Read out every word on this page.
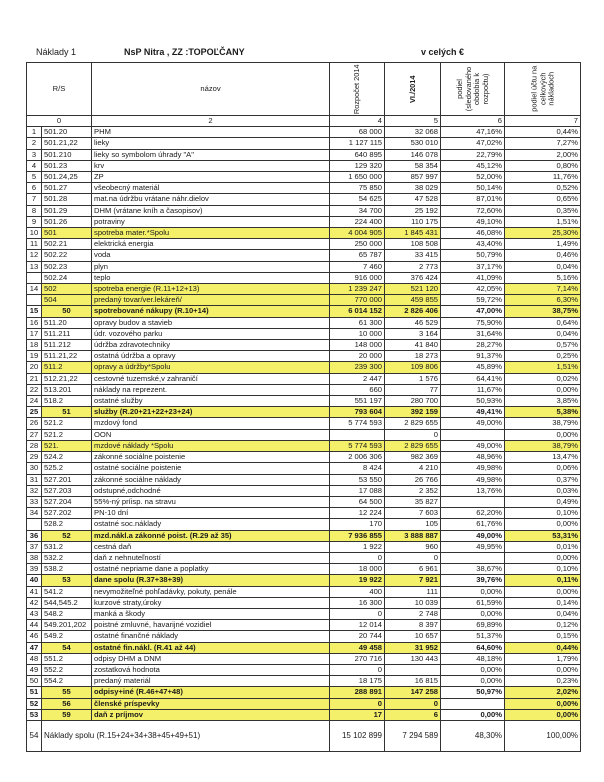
Náklady 1	NsP Nitra , ZZ :TOPOĽČANY	v celých €
R/S		názov	Rozpočet 2014	VI./2014	podiel (sledovaného obdobia k rozpočtu)	podiel účtu na celkových nákladoch

0		2	4	5	6	7
1	501.20	PHM	68 000	32 068	47,16%	0,44%
2	501.21,22	lieky	1 127 115	530 010	47,02%	7,27%
3	501.210	lieky so symbolom úhrady "A"	640 895	146 078	22,79%	2,00%
4	501.23	krv	129 320	58 354	45,12%	0,80%
5	501.24,25	ZP	1 650 000	857 997	52,00%	11,76%
6	501.27	všeobecný materiál	75 850	38 029	50,14%	0,52%
7	501.28	mat.na údržbu vrátane náhr.dielov	54 625	47 528	87,01%	0,65%
8	501.29	DHM (vrátane kníh a časopisov)	34 700	25 192	72,60%	0,35%
9	501.26	potraviny	224 400	110 175	49,10%	1,51%
10	501	spotreba mater.*Spolu	4 004 905	1 845 431	46,08%	25,30%
11	502.21	elektrická energia	250 000	108 508	43,40%	1,49%
12	502.22	voda	65 787	33 415	50,79%	0,46%
13	502.23	plyn	7 460	2 773	37,17%	0,04%
	502.24	teplo	916 000	376 424	41,09%	5,16%
14	502	spotreba energie (R.11+12+13)	1 239 247	521 120	42,05%	7,14%
	504	predaný tovar/ver.lekáreň/	770 000	459 855	59,72%	6,30%
15	50	spotrebované nákupy (R.10+14)	6 014 152	2 826 406	47,00%	38,75%
16	511.20	opravy budov a stavieb	61 300	46 529	75,90%	0,64%
17	511.211	údr. vozového parku	10 000	3 164	31,64%	0,04%
18	511.212	údržba zdravotechniky	148 000	41 840	28,27%	0,57%
19	511.21,22	ostatná údržba a opravy	20 000	18 273	91,37%	0,25%
20	511.2	opravy a údržby*Spolu	239 300	109 806	45,89%	1,51%
21	512.21,22	cestovné tuzemské,v zahraničí	2 447	1 576	64,41%	0,02%
22	513.201	náklady na reprezent.	660	77	11,67%	0,00%
24	518.2	ostatné služby	551 197	280 700	50,93%	3,85%
25	51	služby (R.20+21+22+23+24)	793 604	392 159	49,41%	5,38%
26	521.2	mzdový fond	5 774 593	2 829 655	49,00%	38,79%
27	521.2	OON		0		0,00%
28	521.	mzdové náklady *Spolu	5 774 593	2 829 655	49,00%	38,79%
29	524.2	zákonné sociálne poistenie	2 006 306	982 369	48,96%	13,47%
30	525.2	ostatné sociálne poistenie	8 424	4 210	49,98%	0,06%
31	527.201	zákonné sociálne náklady	53 550	26 766	49,98%	0,37%
32	527.203	odstupné,odchodné	17 088	2 352	13,76%	0,03%
33	527.204	55%-ný príisp. na stravu	64 500	35 827		0,49%
34	527.202	PN-10 dní	12 224	7 603	62,20%	0,10%
	528.2	ostatné soc.náklady	170	105	61,76%	0,00%
36	52	mzd.nákl.a zákonné poist. (R.29 až 35)	7 936 855	3 888 887	49,00%	53,31%
37	531.2	cestná daň	1 922	960	49,95%	0,01%
38	532.2	daň z nehnuteľností	0	0		0,00%
39	538.2	ostatné nepriame dane a poplatky	18 000	6 961	38,67%	0,10%
40	53	dane spolu (R.37+38+39)	19 922	7 921	39,76%	0,11%
41	541.2	nevymožiteľné pohľadávky, pokuty, penále	400	111	0,00%	0,00%
42	544,545.2	kurzové straty,úroky	16 300	10 039	61,59%	0,14%
43	548.2	manká a škody	0	2 748	0,00%	0,04%
44	549.201,202	poistné zmluvné, havarijné vozidiel	12 014	8 397	69,89%	0,12%
46	549.2	ostatné finančné náklady	20 744	10 657	51,37%	0,15%
47	54	ostatné fin.nákl. (R.41 až 44)	49 458	31 952	64,60%	0,44%
48	551.2	odpisy DHM a DNM	270 716	130 443	48,18%	1,79%
49	552.2	zostatková hodnota	0		0,00%	0,00%
50	554.2	predaný materiál	18 175	16 815	0,00%	0,23%
51	55	odpisy+iné (R.46+47+48)	288 891	147 258	50,97%	2,02%
52	56	členské príspevky	0	0		0,00%
53	59	daň z príjmov	17	6	0,00%	0,00%
54	Náklady spolu (R.15+24+34+38+45+49+51)		15 102 899	7 294 589	48,30%	100,00%
